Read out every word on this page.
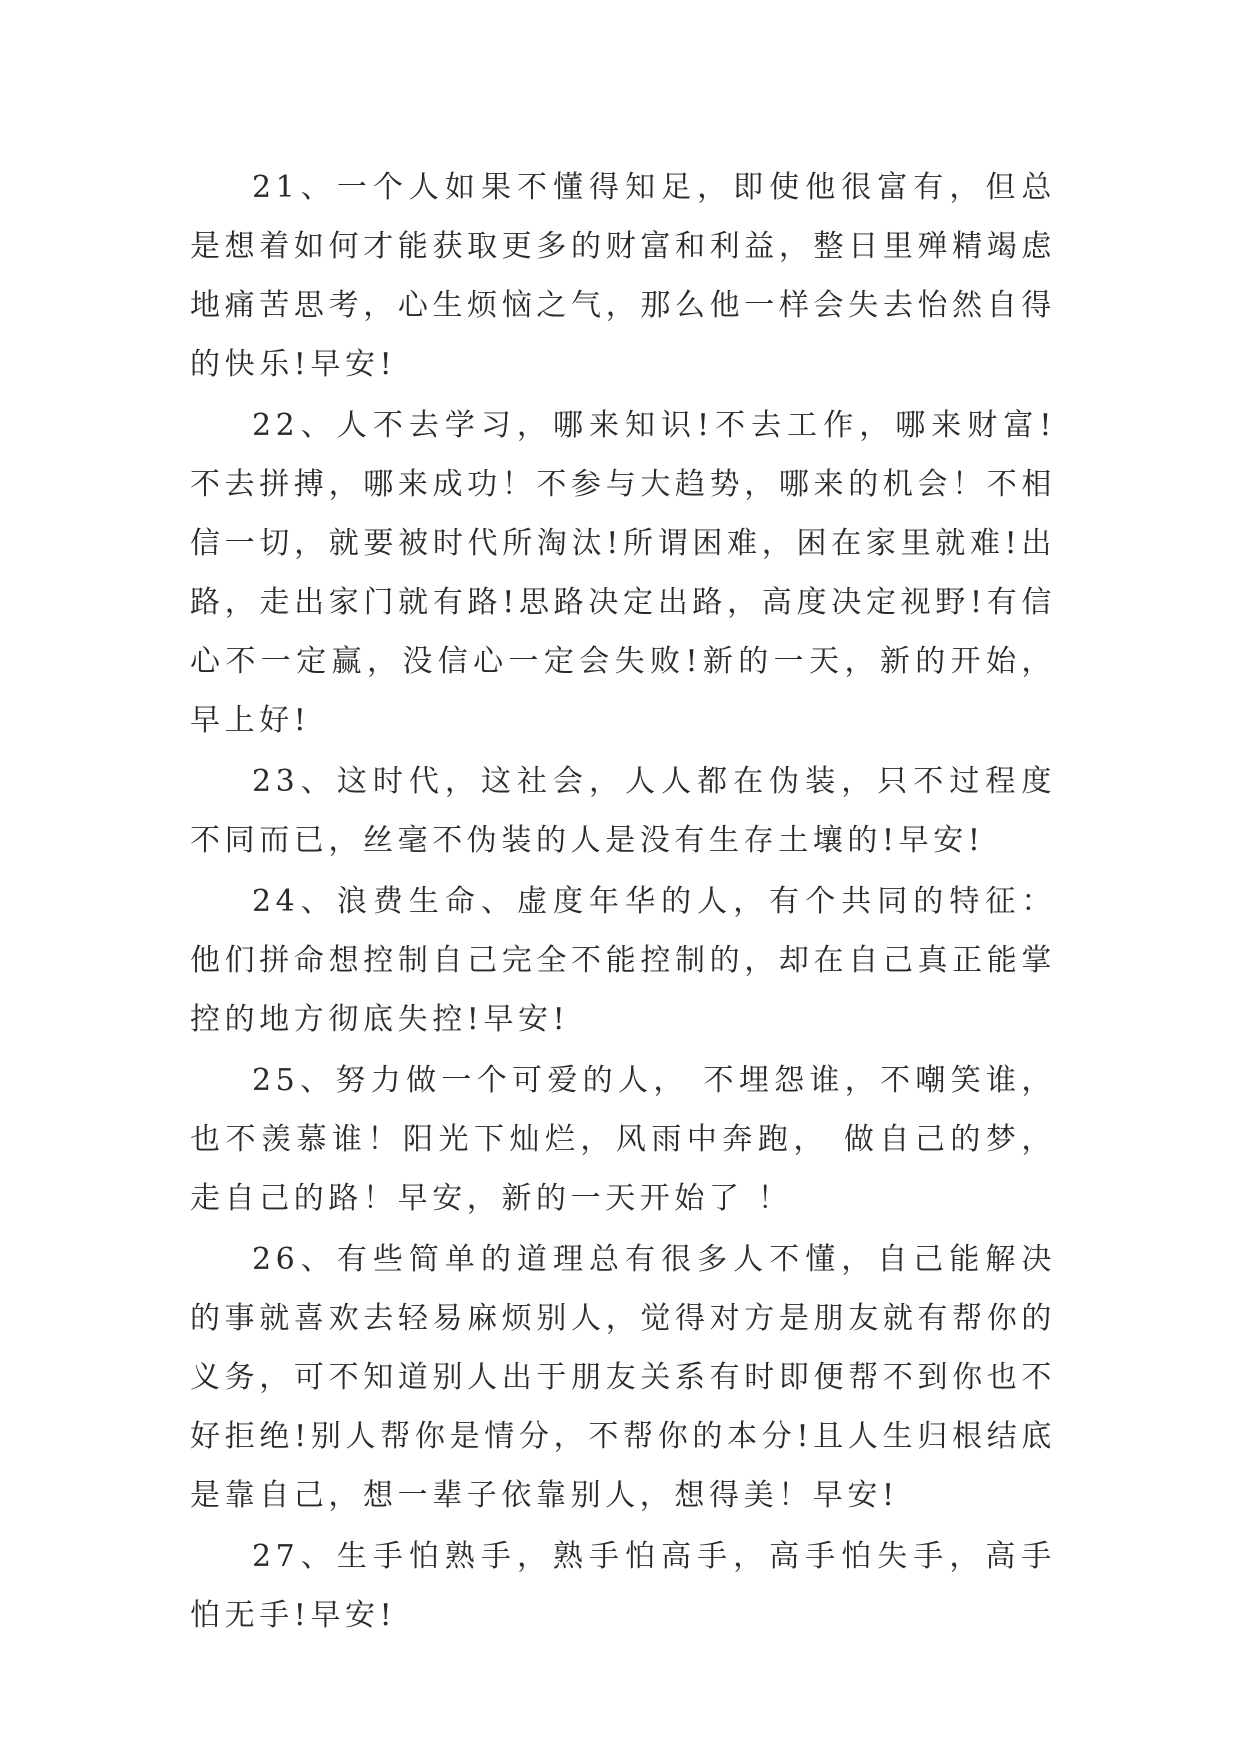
21、一个人如果不懂得知足，即使他很富有，但总是想着如何才能获取更多的财富和利益，整日里殚精竭虑地痛苦思考，心生烦恼之气，那么他一样会失去怡然自得的快乐!早安!

22、人不去学习，哪来知识!不去工作，哪来财富!不去拼搏，哪来成功！不参与大趋势，哪来的机会！不相信一切，就要被时代所淘汰!所谓困难，困在家里就难!出路，走出家门就有路!思路决定出路，高度决定视野!有信心不一定赢，没信心一定会失败!新的一天，新的开始，早上好!

23、这时代，这社会，人人都在伪装，只不过程度不同而已，丝毫不伪装的人是没有生存土壤的!早安!

24、浪费生命、虚度年华的人，有个共同的特征：他们拼命想控制自己完全不能控制的，却在自己真正能掌控的地方彻底失控!早安!

25、努力做一个可爱的人， 不埋怨谁，不嘲笑谁，也不羡慕谁！阳光下灿烂，风雨中奔跑， 做自己的梦，走自己的路！早安，新的一天开始了 ！

26、有些简单的道理总有很多人不懂，自己能解决的事就喜欢去轻易麻烦别人，觉得对方是朋友就有帮你的义务，可不知道别人出于朋友关系有时即便帮不到你也不好拒绝!别人帮你是情分，不帮你的本分!且人生归根结底是靠自己，想一辈子依靠别人，想得美！早安!

27、生手怕熟手，熟手怕高手，高手怕失手，高手怕无手!早安!
